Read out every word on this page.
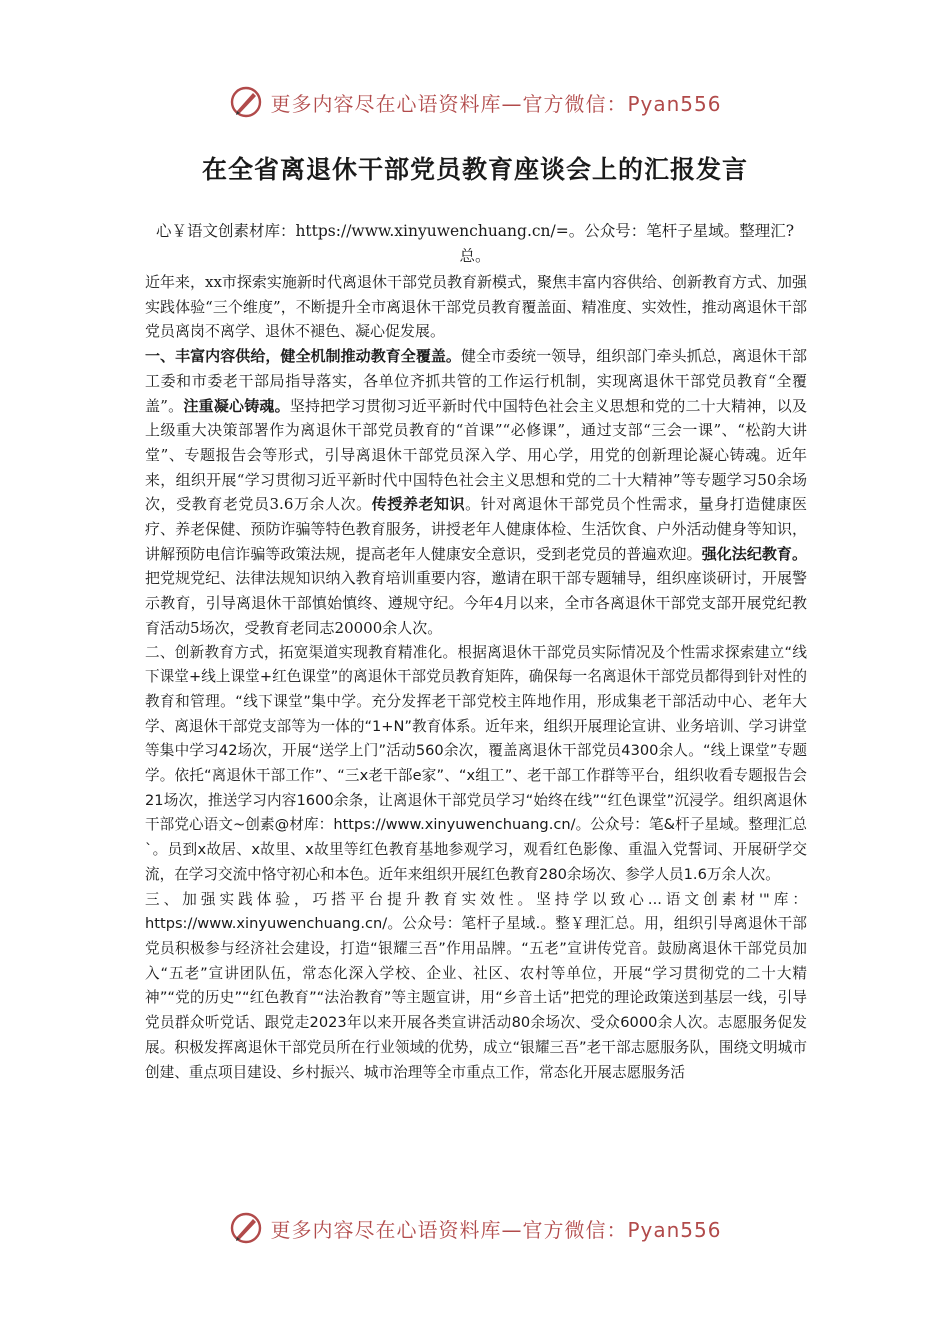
更多内容尽在心语资料库—官方微信：Pyan556
在全省离退休干部党员教育座谈会上的汇报发言
心￥语文创素材库：https://www.xinyuwenchuang.cn/=。公众号：笔杆子星域。整理汇?总。

近年来，xx市探索实施新时代离退休干部党员教育新模式，聚焦丰富内容供给、创新教育方式、加强实践体验“三个维度”，不断提升全市离退休干部党员教育覆盖面、精准度、实效性，推动离退休干部党员离岗不离学、退休不褪色、凝心促发展。

一、丰富内容供给，健全机制推动教育全覆盖。健全市委统一领导，组织部门牵头抓总，离退休干部工委和市委老干部局指导落实，各单位齐抓共管的工作运行机制，实现离退休干部党员教育“全覆盖”。注重凝心铸魂。坚持把学习贯彻习近平新时代中国特色社会主义思想和党的二十大精神，以及上级重大决策部署作为离退休干部党员教育的“首课”“必修课”，通过支部“三会一课”、“松韵大讲堂”、专题报告会等形式，引导离退休干部党员深入学、用心学，用党的创新理论凝心铸魂。近年来，组织开展“学习贯彻习近平新时代中国特色社会主义思想和党的二十大精神”等专题学习50余场次，受教育老党员3.6万余人次。传授养老知识。针对离退休干部党员个性需求，量身打造健康医疗、养老保健、预防诈骗等特色教育服务，讲授老年人健康体检、生活饮食、户外活动健身等知识，讲解预防电信诈骗等政策法规，提高老年人健康安全意识，受到老党员的普遍欢迎。强化法纪教育。把党规党纪、法律法规知识纳入教育培训重要内容，邀请在职干部专题辅导，组织座谈研讨，开展警示教育，引导离退休干部慎始慎终、遵规守纪。今年4月以来，全市各离退休干部党支部开展党纪教育活动5场次，受教育老同志20000余人次。

二、创新教育方式，拓宽渠道实现教育精准化。根据离退休干部党员实际情况及个性需求探索建立“线下课堂+线上课堂+红色课堂”的离退休干部党员教育矩阵，确保每一名离退休干部党员都得到针对性的教育和管理。“线下课堂”集中学。充分发挥老干部党校主阵地作用，形成集老干部活动中心、老年大学、离退休干部党支部等为一体的“1+N”教育体系。近年来，组织开展理论宣讲、业务培训、学习讲堂等集中学习42场次，开展“送学上门”活动560余次，覆盖离退休干部党员4300余人。“线上课堂”专题学。依托“离退休干部工作”、“三x老干部e家”、“x组工”、老干部工作群等平台，组织收看专题报告会21场次，推送学习内容1600余条，让离退休干部党员学习“始终在线”“红色课堂”沉浸学。组织离退休干部党心语文~创素@材库：https://www.xinyuwenchuang.cn/。公众号：笔&杆子星域。整理汇总`。员到x故居、x故里、x故里等红色教育基地参观学习，观看红色影像、重温入党誓词、开展研学交流，在学习交流中恪守初心和本色。近年来组织开展红色教育280余场次、参学人员1.6万余人次。

三、加强实践体验，巧搭平台提升教育实效性。坚持学以致心...语文创素材'"库：https://www.xinyuwenchuang.cn/。公众号：笔杆子星域.。整￥理汇总。用，组织引导离退休干部党员积极参与经济社会建设，打造“银耀三吾”作用品牌。“五老”宣讲传党音。鼓励离退休干部党员加入“五老”宣讲团队伍，常态化深入学校、企业、社区、农村等单位，开展“学习贯彻党的二十大精神”“党的历史”“红色教育”“法治教育”等主题宣讲，用“乡音土话”把党的理论政策送到基层一线，引导党员群众听党话、跟党走2023年以来开展各类宣讲活动80余场次、受众6000余人次。志愿服务促发展。积极发挥离退休干部党员所在行业领域的优势，成立“银耀三吾”老干部志愿服务队，围绕文明城市创建、重点项目建设、乡村振兴、城市治理等全市重点工作，常态化开展志愿服务活

更多内容尽在心语资料库—官方微信：Pyan556
